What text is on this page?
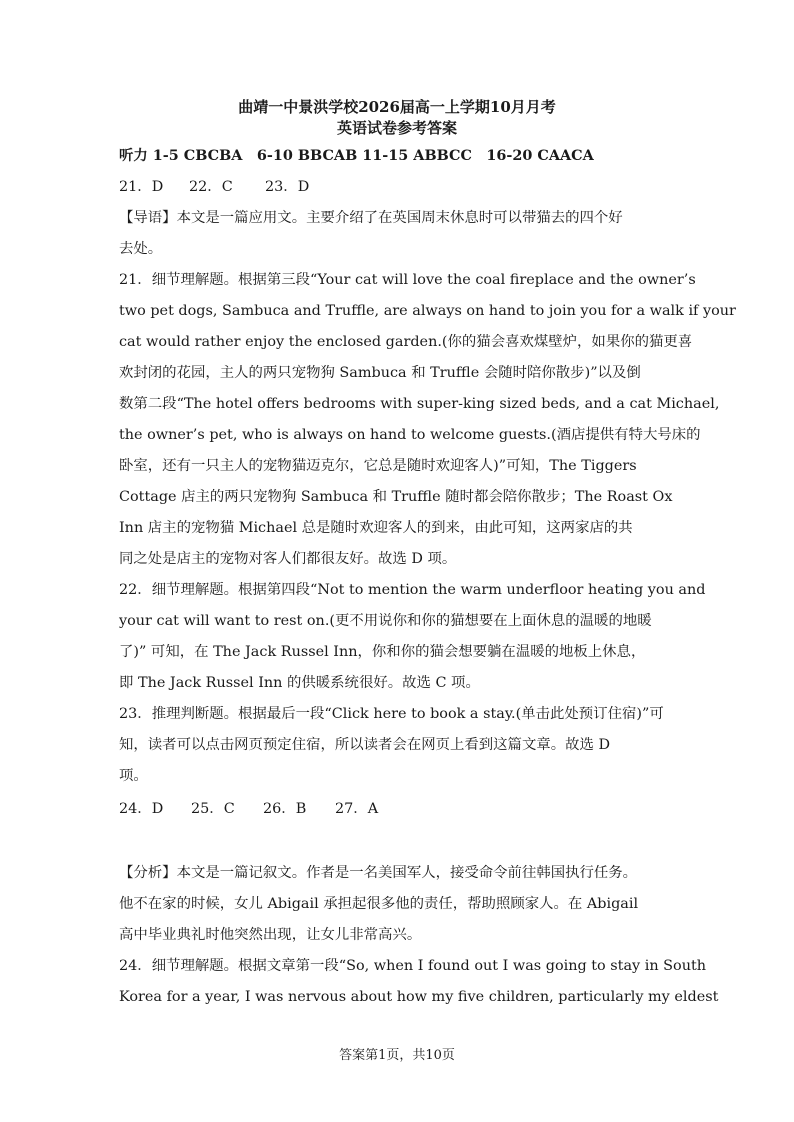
曲靖一中景洪学校2026届高一上学期10月月考
英语试卷参考答案
听力 1-5 CBCBA　6-10 BBCAB 11-15 ABBCC　16-20 CAACA
21．D 22．C 23．D
【导语】本文是一篇应用文。主要介绍了在英国周末休息时可以带猫去的四个好
去处。
21．细节理解题。根据第三段“Your cat will love the coal fireplace and the owner’s
two pet dogs, Sambuca and Truffle, are always on hand to join you for a walk if your
cat would rather enjoy the enclosed garden.(你的猫会喜欢煤壁炉，如果你的猫更喜
欢封闭的花园，主人的两只宠物狗 Sambuca 和 Truffle 会随时陪你散步)”以及倒
数第二段“The hotel offers bedrooms with super-king sized beds, and a cat Michael,
the owner’s pet, who is always on hand to welcome guests.(酒店提供有特大号床的
卧室，还有一只主人的宠物猫迈克尔，它总是随时欢迎客人)”可知，The Tiggers
Cottage 店主的两只宠物狗 Sambuca 和 Truffle 随时都会陪你散步；The Roast Ox
Inn 店主的宠物猫 Michael 总是随时欢迎客人的到来，由此可知，这两家店的共
同之处是店主的宠物对客人们都很友好。故选 D 项。
22．细节理解题。根据第四段“Not to mention the warm underfloor heating you and
your cat will want to rest on.(更不用说你和你的猫想要在上面休息的温暖的地暖
了)” 可知，在 The Jack Russel Inn，你和你的猫会想要躺在温暖的地板上休息，
即 The Jack Russel Inn 的供暖系统很好。故选 C 项。
23．推理判断题。根据最后一段“Click here to book a stay.(单击此处预订住宿)”可
知，读者可以点击网页预定住宿，所以读者会在网页上看到这篇文章。故选 D
项。
24．D 25．C 26．B 27．A
【分析】本文是一篇记叙文。作者是一名美国军人，接受命令前往韩国执行任务。
他不在家的时候，女儿 Abigail 承担起很多他的责任，帮助照顾家人。在 Abigail
高中毕业典礼时他突然出现，让女儿非常高兴。
24．细节理解题。根据文章第一段“So, when I found out I was going to stay in South
Korea for a year, I was nervous about how my five children, particularly my eldest
答案第1页，共10页
